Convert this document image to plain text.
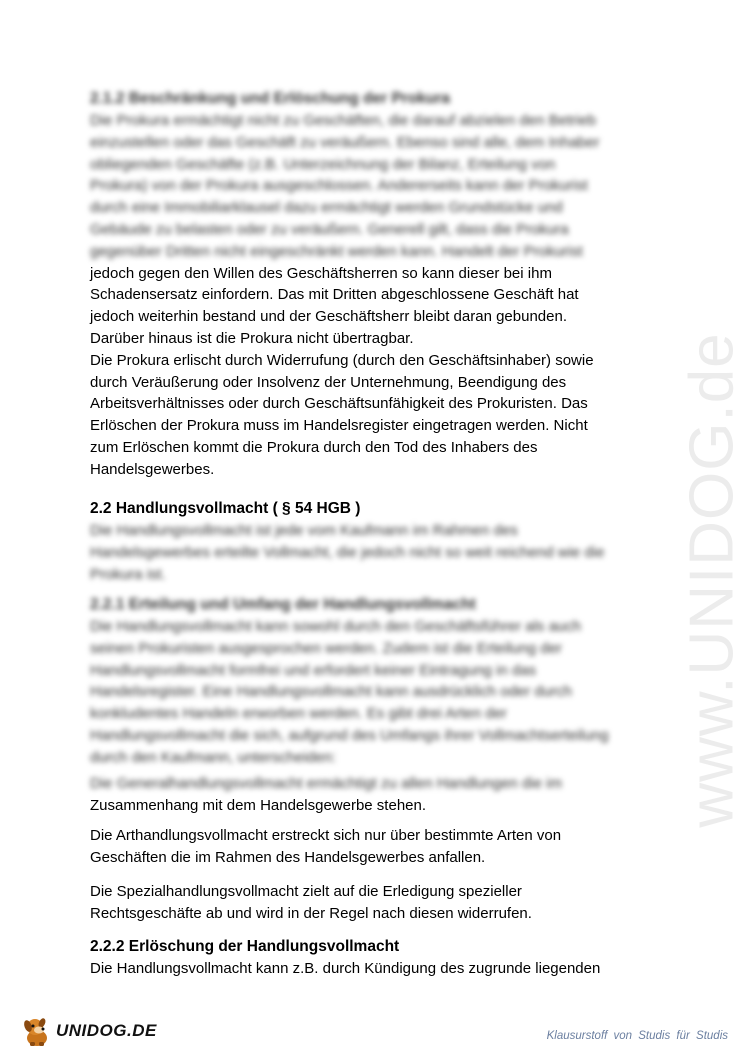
www.UNIDOG.de
2.1.2 Beschränkung und Erlöschung der Prokura
Die Prokura ermächtigt nicht zu Geschäften, die darauf abzielen den Betrieb
einzustellen oder das Geschäft zu veräußern. Ebenso sind alle, dem Inhaber
obliegenden Geschäfte (z.B. Unterzeichnung der Bilanz, Erteilung von
Prokura) von der Prokura ausgeschlossen. Andererseits kann der Prokurist
durch eine Immobiliarklausel dazu ermächtigt werden Grundstücke und
Gebäude zu belasten oder zu veräußern. Generell gilt, dass die Prokura
gegenüber Dritten nicht eingeschränkt werden kann. Handelt der Prokurist
jedoch gegen den Willen des Geschäftsherren so kann dieser bei ihm
Schadensersatz einfordern. Das mit Dritten abgeschlossene Geschäft hat
jedoch weiterhin bestand und der Geschäftsherr bleibt daran gebunden.
Darüber hinaus ist die Prokura nicht übertragbar.
Die Prokura erlischt durch Widerrufung (durch den Geschäftsinhaber) sowie
durch Veräußerung oder Insolvenz der Unternehmung, Beendigung des
Arbeitsverhältnisses oder durch Geschäftsunfähigkeit des Prokuristen. Das
Erlöschen der Prokura muss im Handelsregister eingetragen werden. Nicht
zum Erlöschen kommt die Prokura durch den Tod des Inhabers des
Handelsgewerbes.
2.2 Handlungsvollmacht ( § 54 HGB )
Die Handlungsvollmacht ist jede vom Kaufmann im Rahmen des
Handelsgewerbes erteilte Vollmacht, die jedoch nicht so weit reichend wie die
Prokura ist.
2.2.1 Erteilung und Umfang der Handlungsvollmacht
Die Handlungsvollmacht kann sowohl durch den Geschäftsführer als auch
seinen Prokuristen ausgesprochen werden. Zudem ist die Erteilung der
Handlungsvollmacht formfrei und erfordert keiner Eintragung in das
Handelsregister. Eine Handlungsvollmacht kann ausdrücklich oder durch
konkludentes Handeln erworben werden. Es gibt drei Arten der
Handlungsvollmacht die sich, aufgrund des Umfangs ihrer Vollmachtserteilung
durch den Kaufmann, unterscheiden:
Die Generalhandlungsvollmacht ermächtigt zu allen Handlungen die im
Zusammenhang mit dem Handelsgewerbe stehen.
Die Arthandlungsvollmacht erstreckt sich nur über bestimmte Arten von
Geschäften die im Rahmen des Handelsgewerbes anfallen.
Die Spezialhandlungsvollmacht zielt auf die Erledigung spezieller
Rechtsgeschäfte ab und wird in der Regel nach diesen widerrufen.
2.2.2 Erlöschung der Handlungsvollmacht
Die Handlungsvollmacht kann z.B. durch Kündigung des zugrunde liegenden
UNIDOG.DE	Klausurstoff von Studis für Studis
